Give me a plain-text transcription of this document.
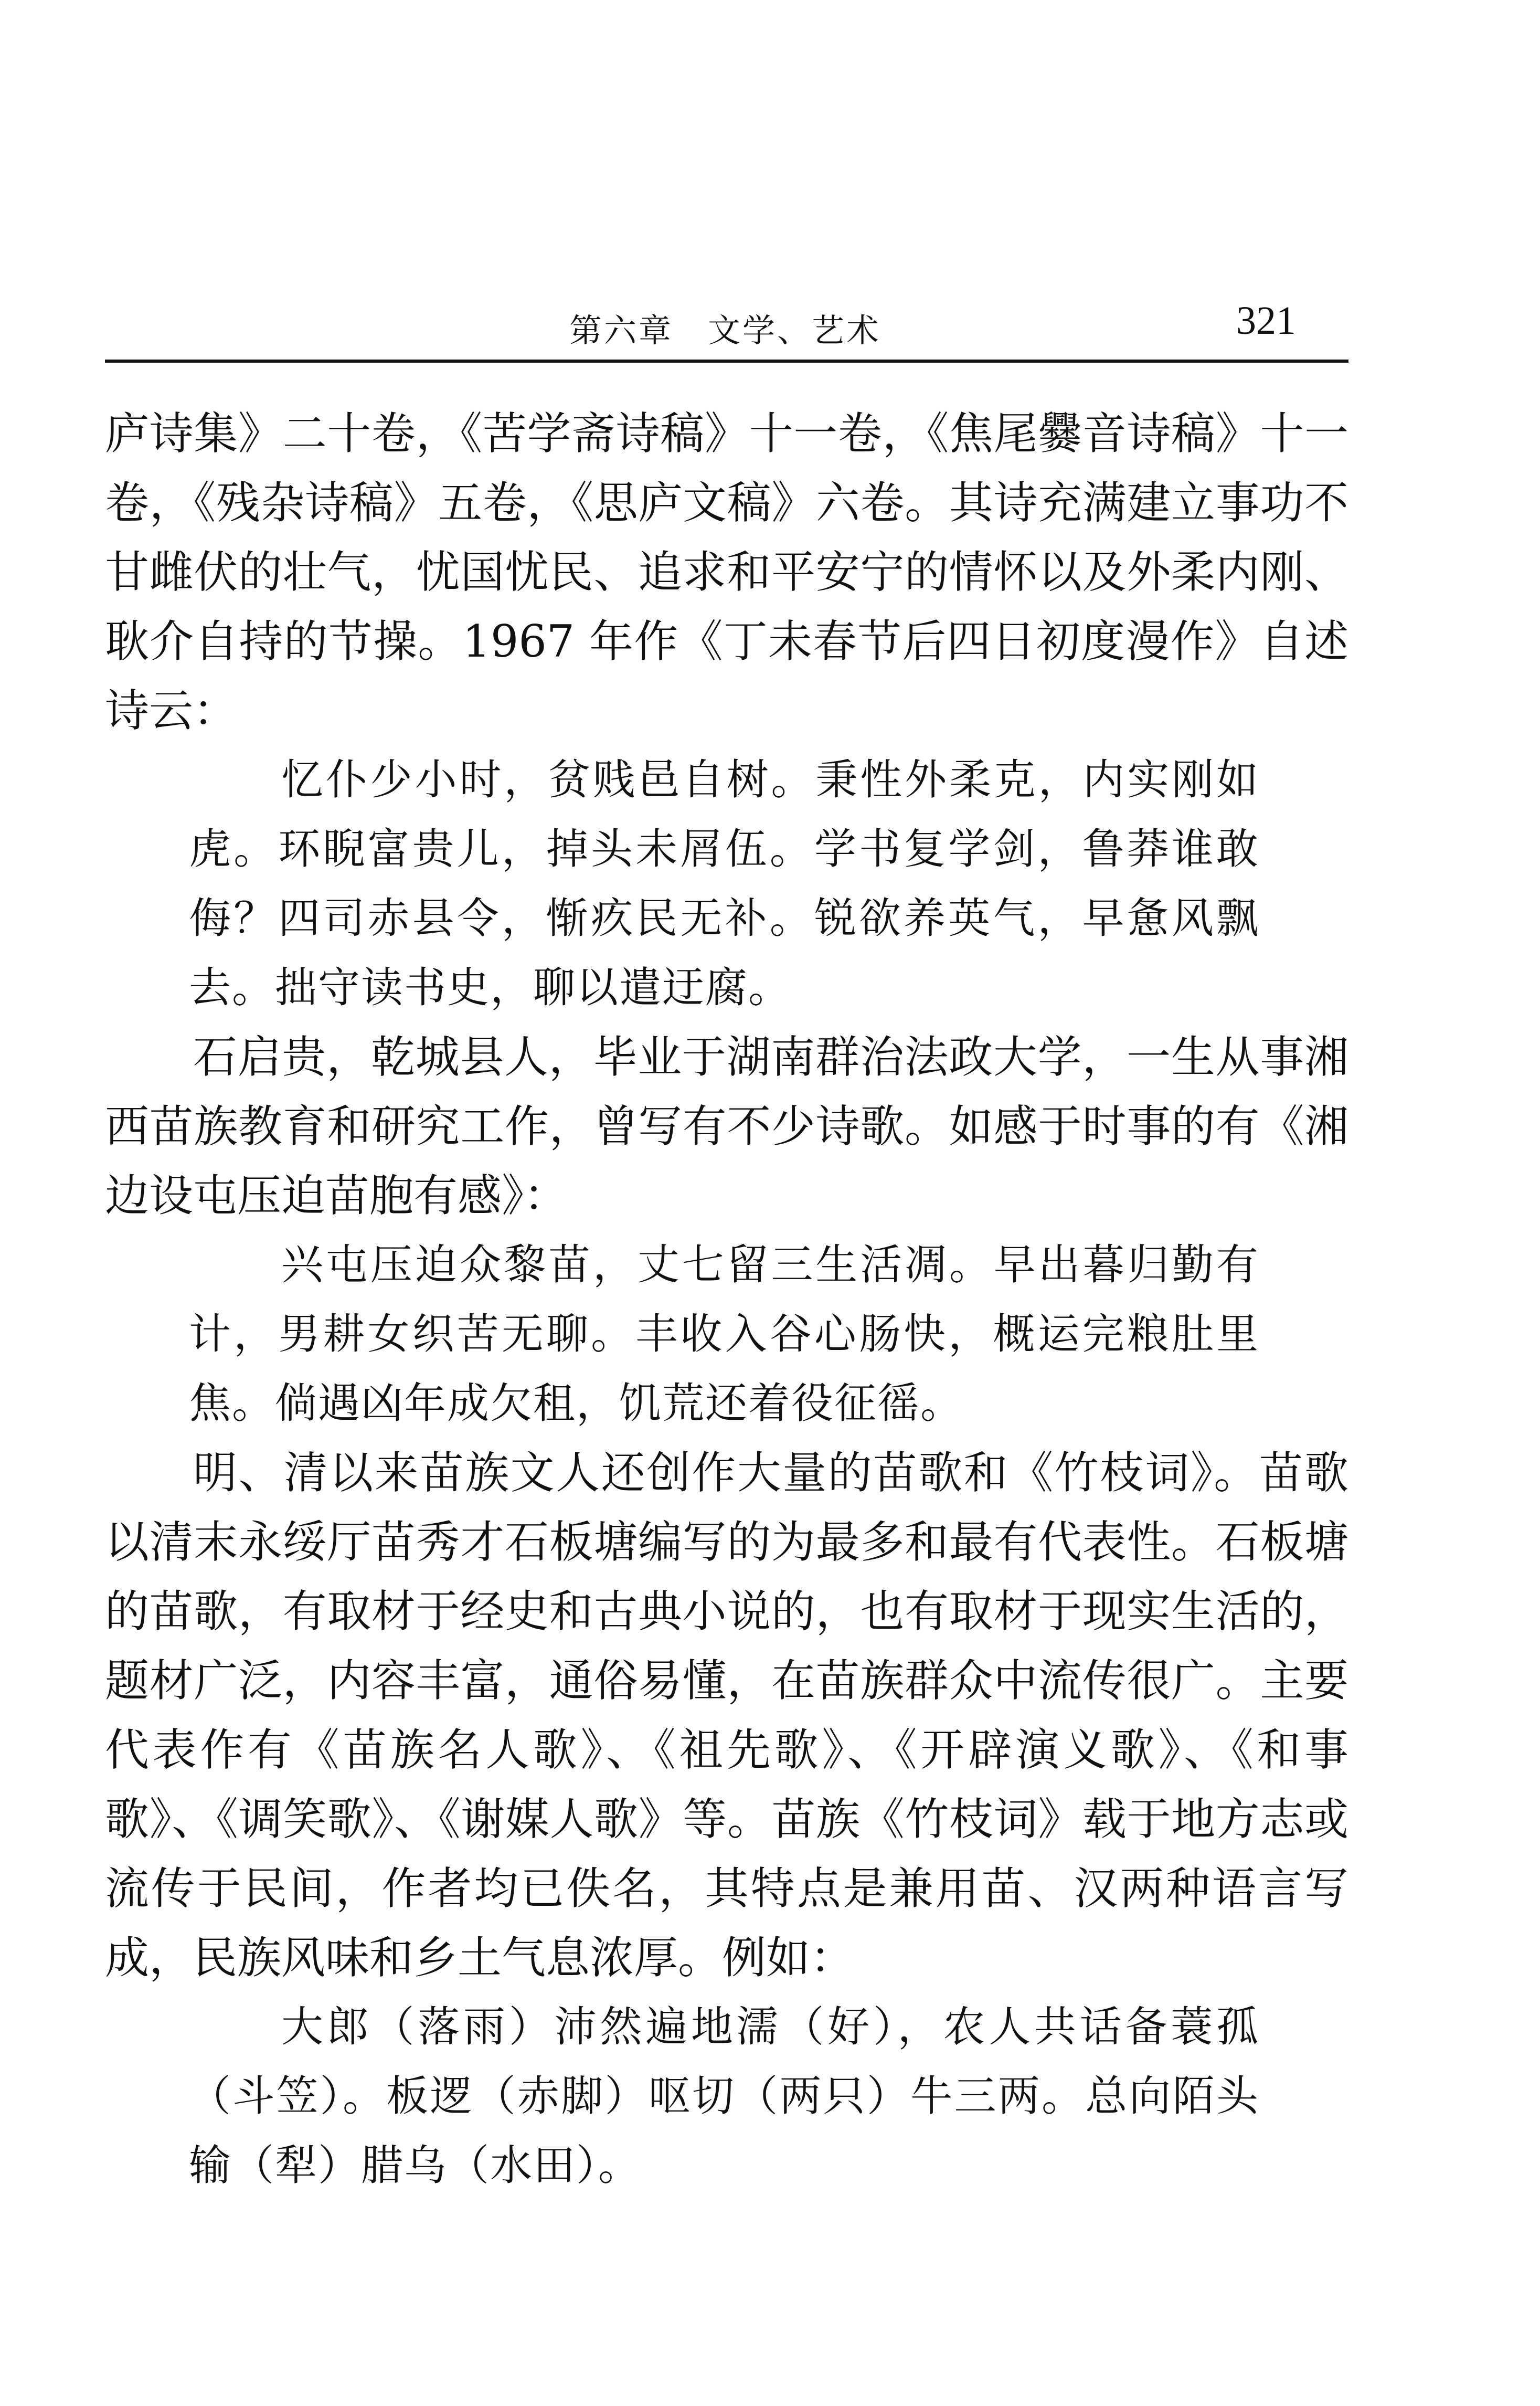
第六章　文学、艺术	321

庐诗集》二十卷，《苦学斋诗稿》十一卷，《焦尾爨音诗稿》十一卷，《残杂诗稿》五卷，《思庐文稿》六卷。其诗充满建立事功不甘雌伏的壮气，忧国忧民、追求和平安宁的情怀以及外柔内刚、耿介自持的节操。1967 年作《丁未春节后四日初度漫作》自述诗云：

忆仆少小时，贫贱邑自树。秉性外柔克，内实刚如虎。环睨富贵儿，掉头未屑伍。学书复学剑，鲁莽谁敢侮？四司赤县令，惭疚民无补。锐欲养英气，早惫风飘去。拙守读书史，聊以遣迂腐。

石启贵，乾城县人，毕业于湖南群治法政大学，一生从事湘西苗族教育和研究工作，曾写有不少诗歌。如感于时事的有《湘边设屯压迫苗胞有感》：

兴屯压迫众黎苗，丈七留三生活凋。早出暮归勤有计，男耕女织苦无聊。丰收入谷心肠快，概运完粮肚里焦。倘遇凶年成欠租，饥荒还着役征徭。

明、清以来苗族文人还创作大量的苗歌和《竹枝词》。苗歌以清末永绥厅苗秀才石板塘编写的为最多和最有代表性。石板塘的苗歌，有取材于经史和古典小说的，也有取材于现实生活的，题材广泛，内容丰富，通俗易懂，在苗族群众中流传很广。主要代表作有《苗族名人歌》、《祖先歌》、《开辟演义歌》、《和事歌》、《调笑歌》、《谢媒人歌》等。苗族《竹枝词》载于地方志或流传于民间，作者均已佚名，其特点是兼用苗、汉两种语言写成，民族风味和乡土气息浓厚。例如：

大郎（落雨）沛然遍地濡（好），农人共话备蓑孤（斗笠）。板逻（赤脚）呕切（两只）牛三两。总向陌头输（犁）腊乌（水田）。
